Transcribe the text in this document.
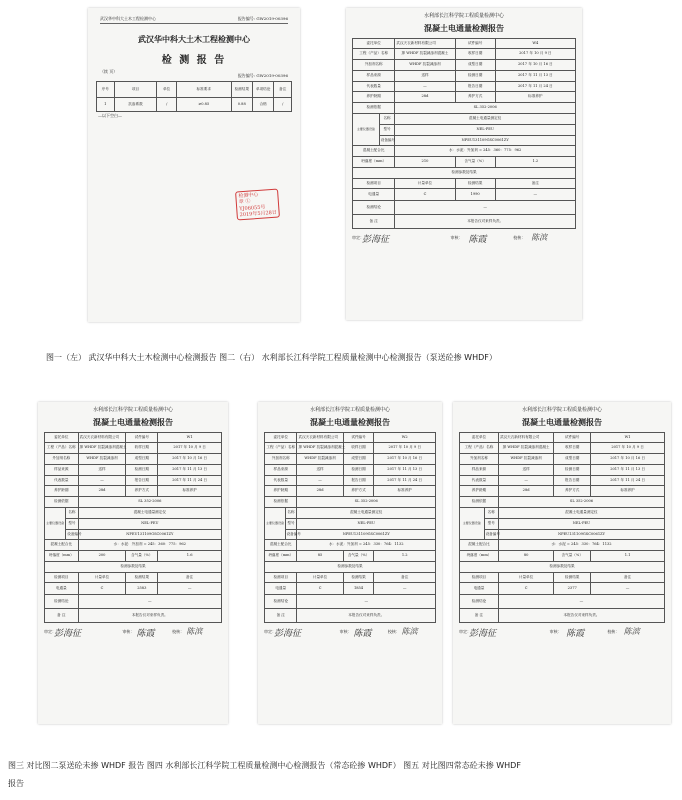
武汉华中科大土木工程检测中心	报告编号: GW2019-00396
武汉华中科大土木工程检测中心
检 测 报 告
（续 页）
报告编号: GW2019-00396
序号	项目	单位	标准要求	检测结果	单项结论	备注
1	抗渗系数	/	≥0.85	0.88	合格	/
—以下空白—
检测中心
章 ①
YJ06055号
2019年5月28日
水利部长江科学院工程质量检测中心
混凝土电通量检测报告
委托单位		武汉天衣新材料有限公司	试件编号	W4
工程（产品）名称		掺 WHDF 抗裂减渗剂混凝土	收样日期	2017 年 10 月 9 日
外加剂名称		WHDF 抗裂减渗剂	成型日期	2017 年 10 月 16 日
样品来源		送样	检测日期	2017 年 11 月 13 日
代表数量		—	报告日期	2017 年 11 月 24 日
养护龄期		28d	养护方式	标准养护
检测依据		SL 352-2006		
主要仪器设备	名称	混凝土电通量测定仪		
	型号	NEL-PEU		
	设备编号	NPEU131109GSC0061ZY		
混凝土配合比		水：水泥：外加剂 = 245：360：775：962		
坍落度（mm）		210	含气量（%）	1.2
检测参数及结果				
检测项目		计量单位	检测结果	备注
电通量		C	1990	—
检测结论		—		
备 注		本报告仅对来样负责。		
审定：
彭海征	审核： 陈霞	校核： 陈滨
水利部长江科学院工程质量检测中心
混凝土电通量检测报告
委托单位		武汉天衣新材料有限公司	试件编号	W1
工程（产品）名称		掺 WHDF 抗裂减渗剂混凝土	收样日期	2017 年 10 月 9 日
外加剂名称		WHDF 抗裂减渗剂	成型日期	2017 年 10 月 16 日
样品来源		送样	检测日期	2017 年 11 月 13 日
代表数量		—	报告日期	2017 年 11 月 24 日
养护龄期		28d	养护方式	标准养护
检测依据		SL 352-2006		
主要仪器设备	名称	混凝土电通量测定仪		
	型号	NEL-PEU		
	设备编号	NPEU131109GSC0061ZY		
混凝土配合比		水：水泥：外加剂 = 245：360：775：962		
坍落度（mm）		200	含气量（%）	1.6
检测参数及结果				
检测项目		计量单位	检测结果	备注
电通量		C	2583	—
检测结论		—		
备 注		本报告仅对来样负责。		
审定：
彭海征	审核： 陈霞	校核： 陈滨
水利部长江科学院工程质量检测中心
混凝土电通量检测报告
委托单位		武汉天衣新材料有限公司	试件编号	W2
工程（产品）名称		掺 WHDF 抗裂减渗剂混凝土	收样日期	2017 年 10 月 9 日
外加剂名称		WHDF 抗裂减渗剂	成型日期	2017 年 10 月 16 日
样品来源		送样	检测日期	2017 年 11 月 13 日
代表数量		—	报告日期	2017 年 11 月 24 日
养护龄期		28d	养护方式	标准养护
检测依据		SL 352-2006		
主要仪器设备	名称	混凝土电通量测定仪		
	型号	NEL-PEU		
	设备编号	NPEU131109GSC0061ZY		
混凝土配合比		水：水泥：外加剂 = 245：330：764：1132		
坍落度（mm）		85	含气量（%）	1.2
检测参数及结果				
检测项目		计量单位	检测结果	备注
电通量		C	1854	—
检测结论		—		
备 注		本报告仅对来样负责。		
审定：
彭海征	审核： 陈霞	校核： 陈滨
水利部长江科学院工程质量检测中心
混凝土电通量检测报告
委托单位		武汉天衣新材料有限公司	试件编号	W1
工程（产品）名称		掺 WHDF 抗裂减渗剂混凝土	收样日期	2017 年 10 月 9 日
外加剂名称		WHDF 抗裂减渗剂	成型日期	2017 年 10 月 16 日
样品来源		送样	检测日期	2017 年 11 月 13 日
代表数量		—	报告日期	2017 年 11 月 24 日
养护龄期		28d	养护方式	标准养护
检测依据		SL 352-2006		
主要仪器设备	名称	混凝土电通量测定仪		
	型号	NEL-PEU		
	设备编号	NPEU131109GSC0061ZY		
混凝土配合比		水：水泥 = 245：330：764：1132		
坍落度（mm）		80	含气量（%）	1.1
检测参数及结果				
检测项目		计量单位	检测结果	备注
电通量		C	2377	—
检测结论		—		
备 注		本报告仅对来样负责。		
审定：
彭海征	审核： 陈霞	校核： 陈滨
图一（左） 武汉华中科大土木检测中心检测报告 图二（右） 水利部长江科学院工程质量检测中心检测报告（泵送砼掺 WHDF）
图三 对比图二泵送砼未掺 WHDF 报告 图四 水利部长江科学院工程质量检测中心检测报告（常态砼掺 WHDF） 图五 对比图四常态砼未掺 WHDF
报告
